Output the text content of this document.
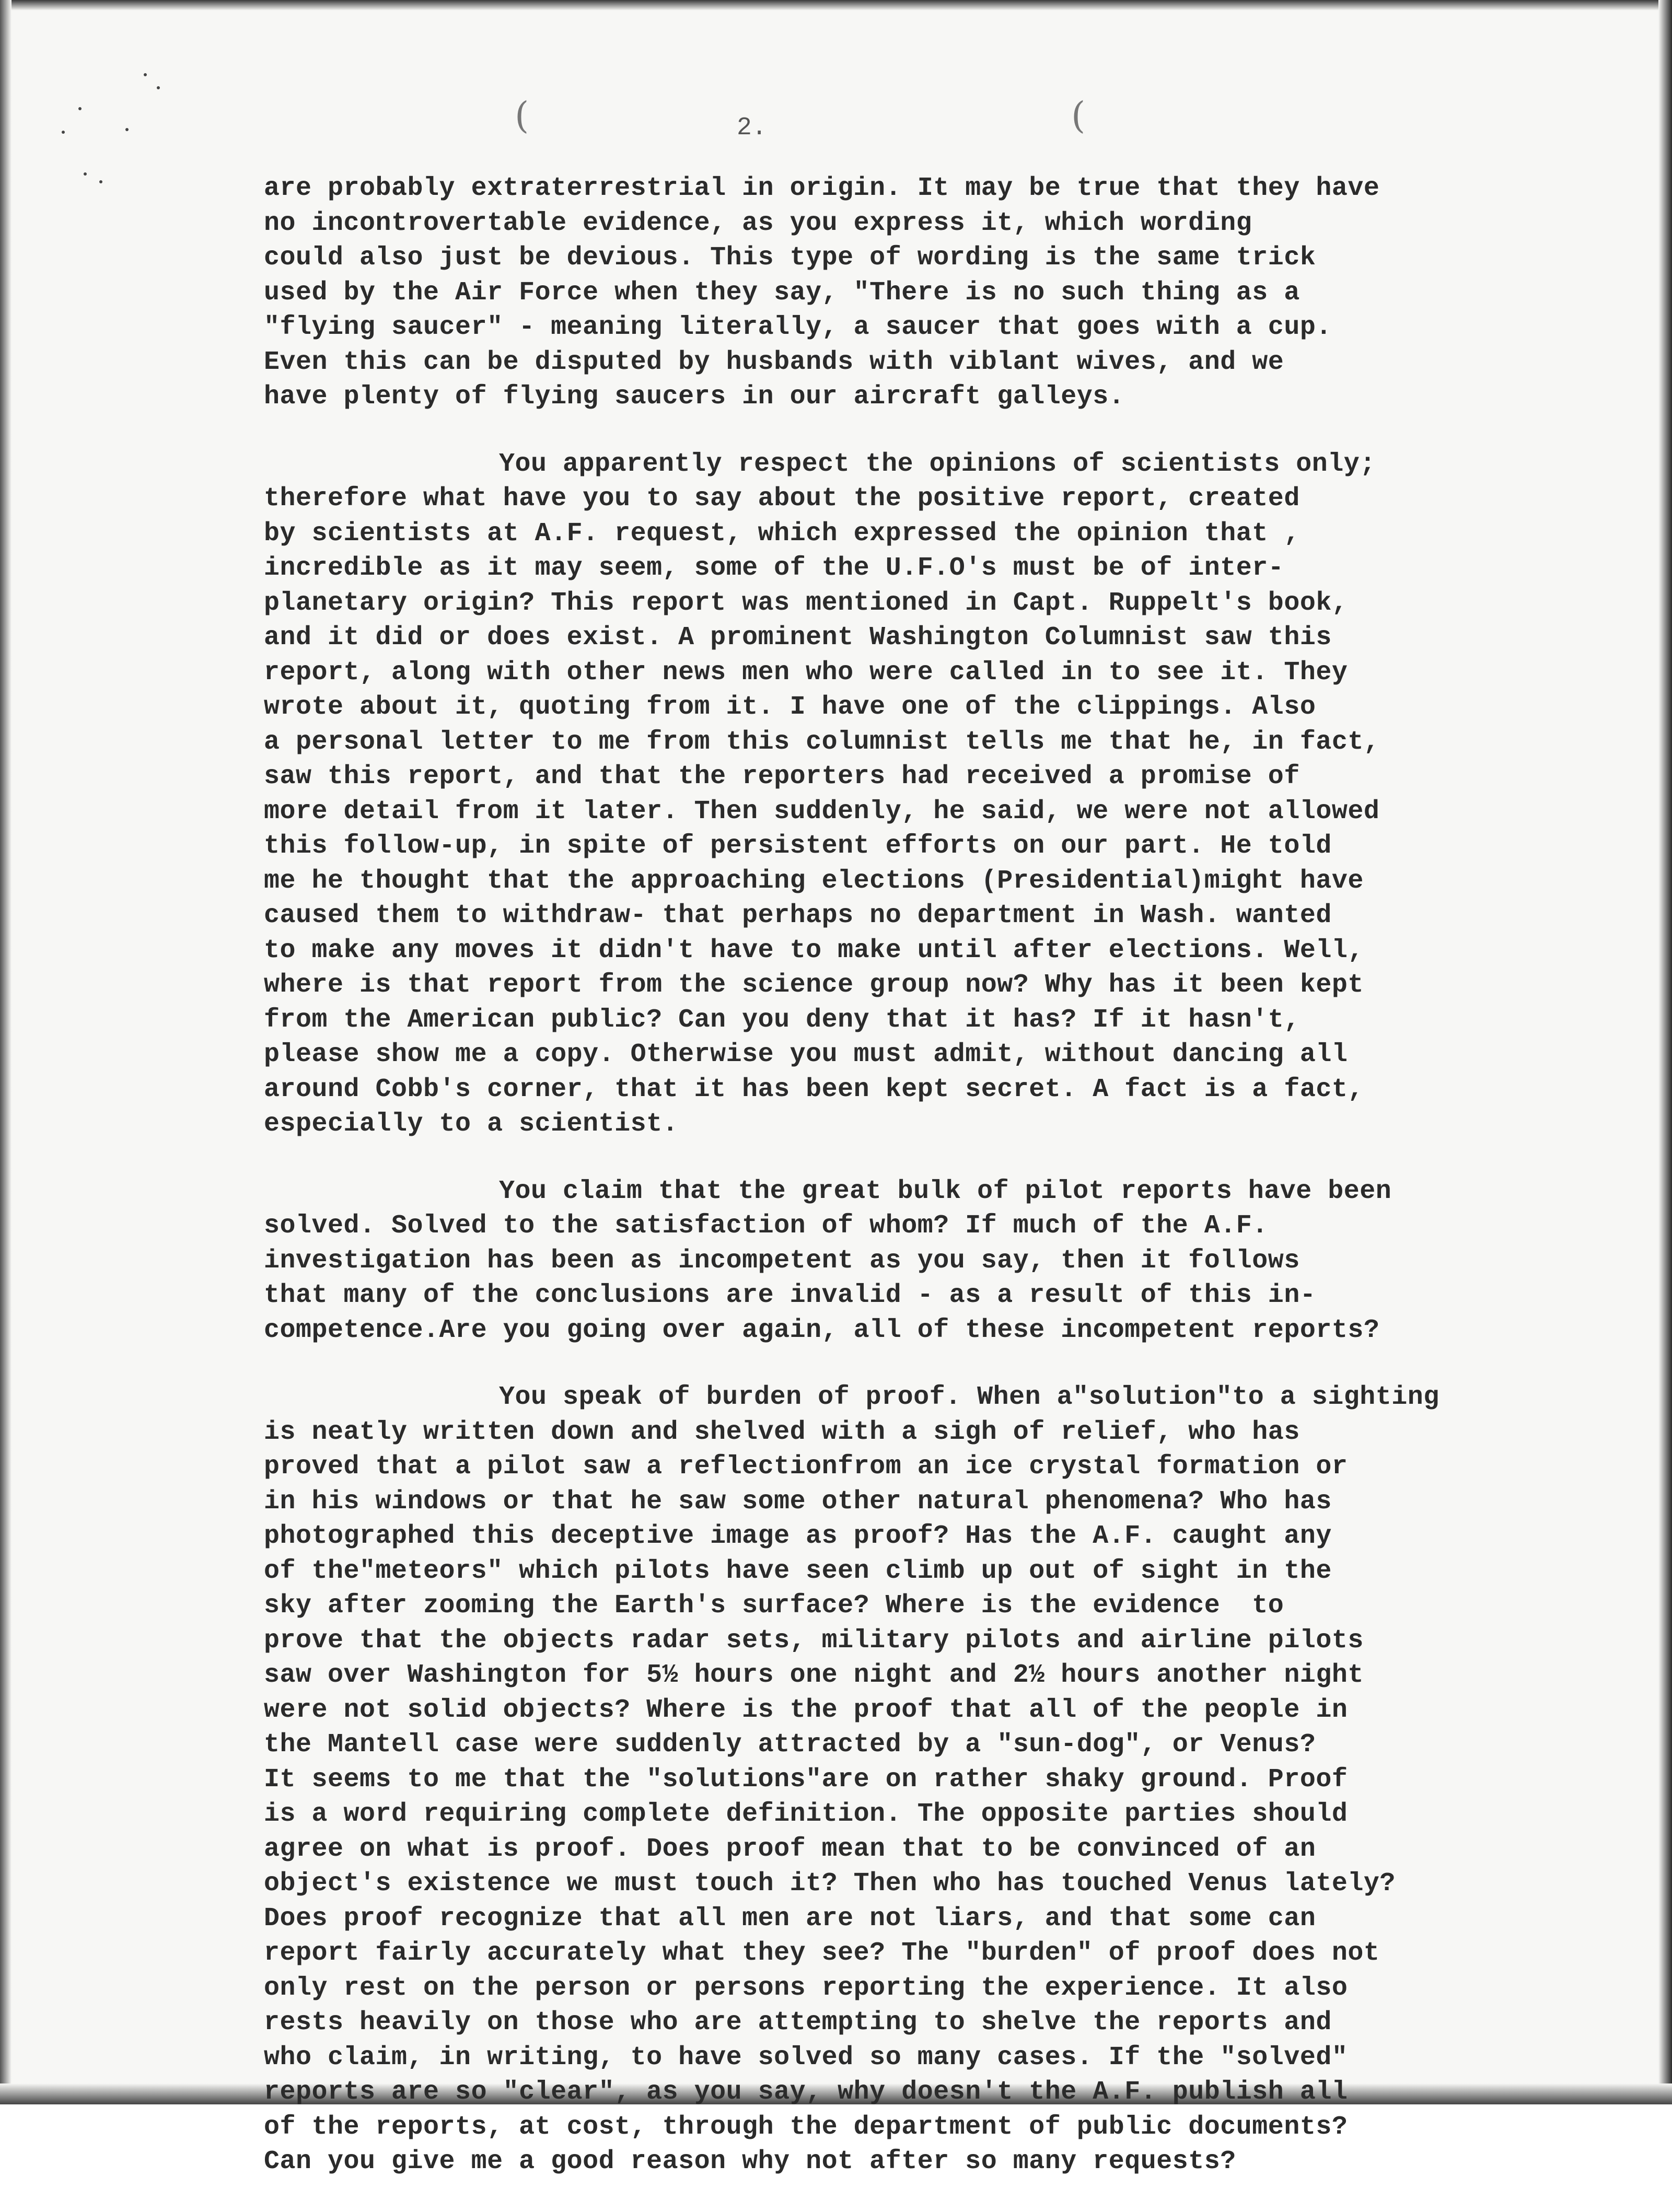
(	(
2.
are probably extraterrestrial in origin. It may be true that they have
no incontrovertable evidence, as you express it, which wording
could also just be devious. This type of wording is the same trick
used by the Air Force when they say, "There is no such thing as a
"flying saucer" - meaning literally, a saucer that goes with a cup.
Even this can be disputed by husbands with viblant wives, and we
have plenty of flying saucers in our aircraft galleys.
You apparently respect the opinions of scientists only;
therefore what have you to say about the positive report, created
by scientists at A.F. request, which expressed the opinion that ,
incredible as it may seem, some of the U.F.O's must be of inter-
planetary origin? This report was mentioned in Capt. Ruppelt's book,
and it did or does exist. A prominent Washington Columnist saw this
report, along with other news men who were called in to see it. They
wrote about it, quoting from it. I have one of the clippings. Also
a personal letter to me from this columnist tells me that he, in fact,
saw this report, and that the reporters had received a promise of
more detail from it later. Then suddenly, he said, we were not allowed
this follow-up, in spite of persistent efforts on our part. He told
me he thought that the approaching elections (Presidential)might have
caused them to withdraw- that perhaps no department in Wash. wanted
to make any moves it didn't have to make until after elections. Well,
where is that report from the science group now? Why has it been kept
from the American public? Can you deny that it has? If it hasn't,
please show me a copy. Otherwise you must admit, without dancing all
around Cobb's corner, that it has been kept secret. A fact is a fact,
especially to a scientist.
You claim that the great bulk of pilot reports have been
solved. Solved to the satisfaction of whom? If much of the A.F.
investigation has been as incompetent as you say, then it follows
that many of the conclusions are invalid - as a result of this in-
competence.Are you going over again, all of these incompetent reports?
You speak of burden of proof. When a"solution"to a sighting
is neatly written down and shelved with a sigh of relief, who has
proved that a pilot saw a reflectionfrom an ice crystal formation or
in his windows or that he saw some other natural phenomena? Who has
photographed this deceptive image as proof? Has the A.F. caught any
of the"meteors" which pilots have seen climb up out of sight in the
sky after zooming the Earth's surface? Where is the evidence  to
prove that the objects radar sets, military pilots and airline pilots
saw over Washington for 5½ hours one night and 2½ hours another night
were not solid objects? Where is the proof that all of the people in
the Mantell case were suddenly attracted by a "sun-dog", or Venus?
It seems to me that the "solutions"are on rather shaky ground. Proof
is a word requiring complete definition. The opposite parties should
agree on what is proof. Does proof mean that to be convinced of an
object's existence we must touch it? Then who has touched Venus lately?
Does proof recognize that all men are not liars, and that some can
report fairly accurately what they see? The "burden" of proof does not
only rest on the person or persons reporting the experience. It also
rests heavily on those who are attempting to shelve the reports and
who claim, in writing, to have solved so many cases. If the "solved"
reports are so "clear", as you say, why doesn't the A.F. publish all
of the reports, at cost, through the department of public documents?
Can you give me a good reason why not after so many requests?
